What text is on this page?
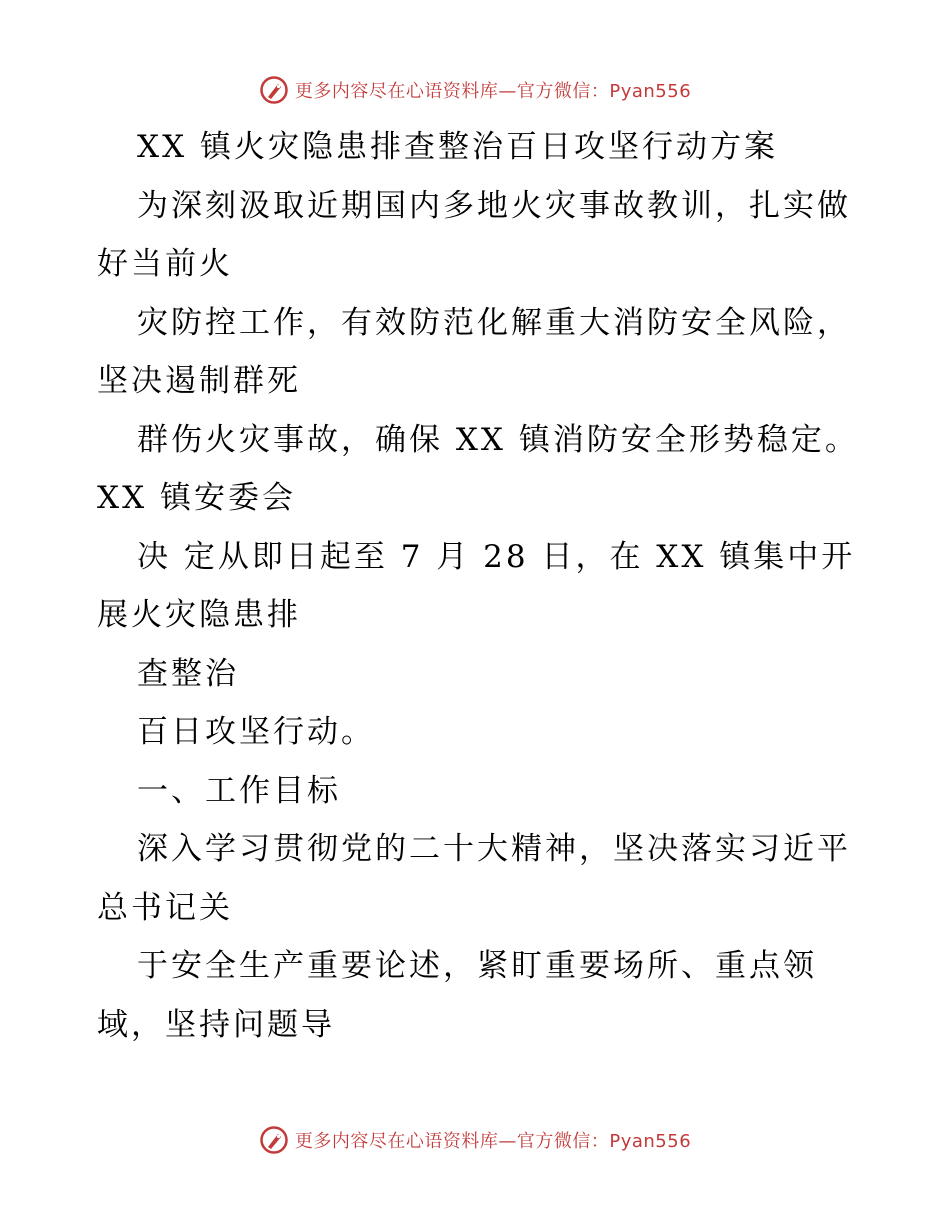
更多内容尽在心语资料库—官方微信：Pyan556
XX 镇火灾隐患排查整治百日攻坚行动方案
为深刻汲取近期国内多地火灾事故教训，扎实做
好当前火
灾防控工作，有效防范化解重大消防安全风险，
坚决遏制群死
群伤火灾事故，确保 XX 镇消防安全形势稳定。
XX 镇安委会
决 定从即日起至 7 月 28 日，在 XX 镇集中开
展火灾隐患排
查整治
百日攻坚行动。
一、工作目标
深入学习贯彻党的二十大精神，坚决落实习近平
总书记关
于安全生产重要论述，紧盯重要场所、重点领
域，坚持问题导
更多内容尽在心语资料库—官方微信：Pyan556
